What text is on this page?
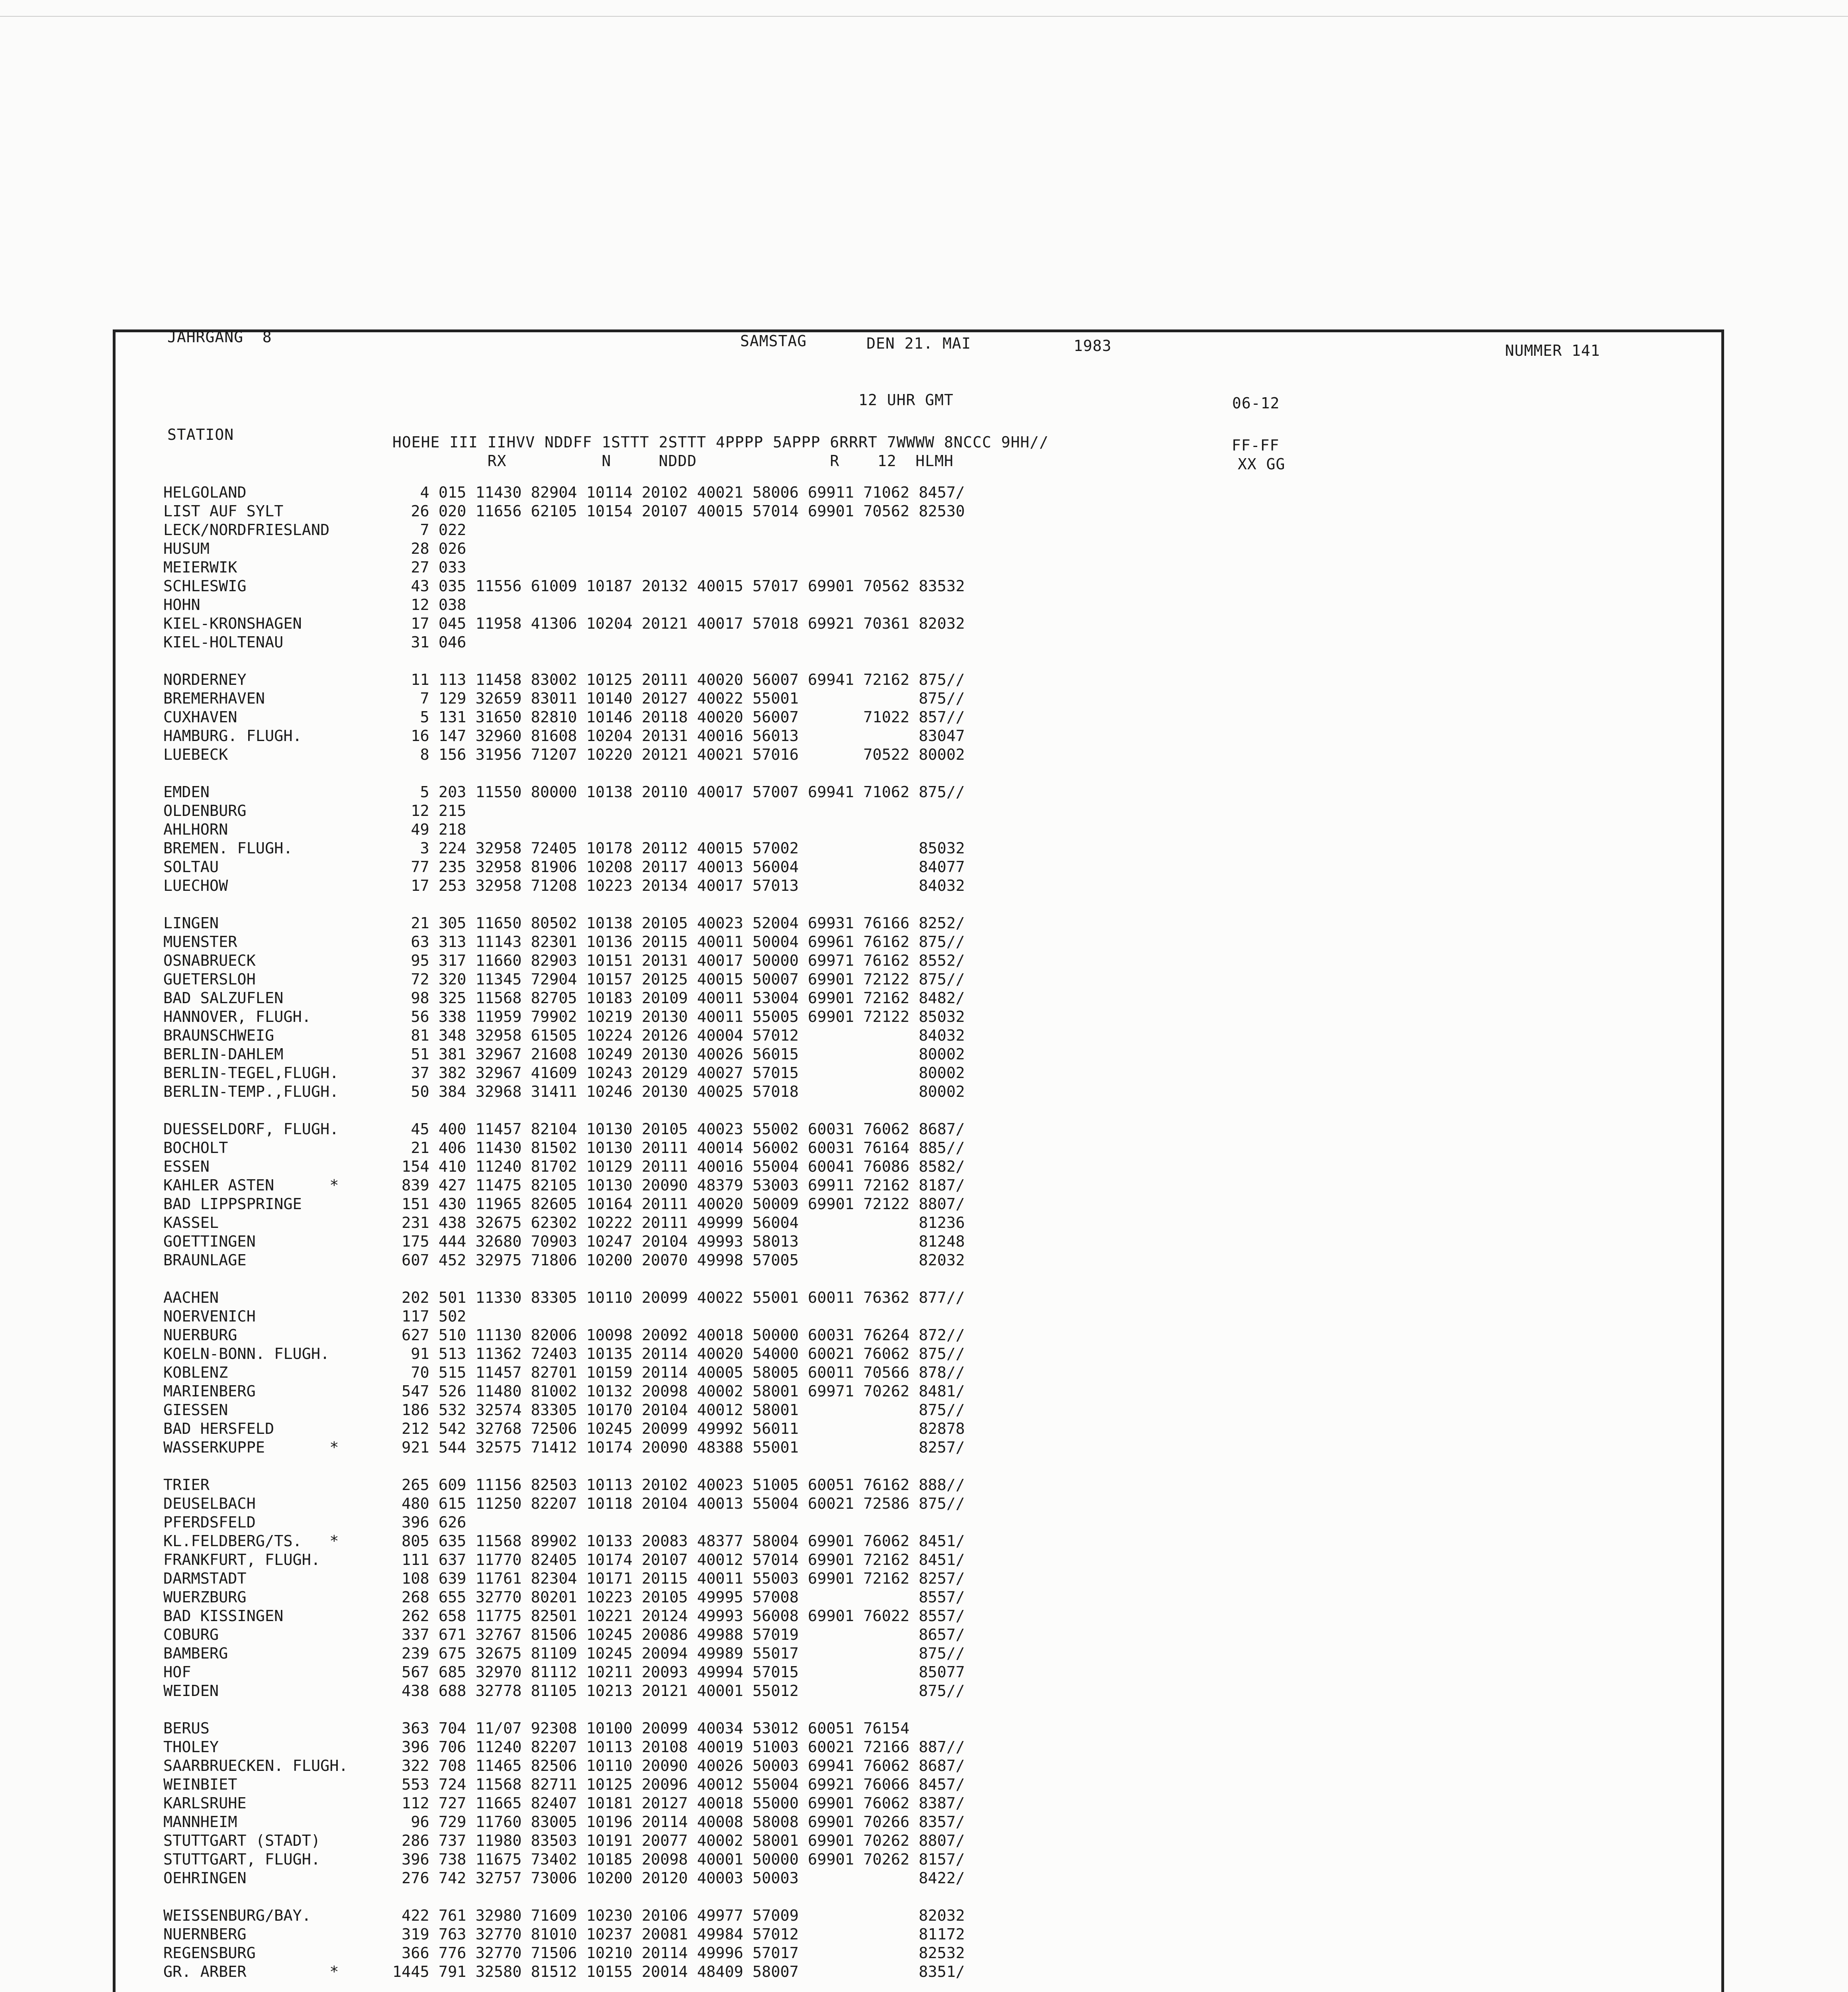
JAHRGANG  8	SAMSTAG	DEN 21. MAI	1983	NUMMER 141
12 UHR GMT	06-12
STATION	HOEHE III IIHVV NDDFF 1STTT 2STTT 4PPPP 5APPP 6RRRT 7WWWW 8NCCC 9HH//
RX          N     NDDD              R    12  HLMH
FF-FF
XX GG
HELGOLAND	4 015 11430 82904 10114 20102 40021 58006 69911 71062 8457/
LIST AUF SYLT	26 020 11656 62105 10154 20107 40015 57014 69901 70562 82530
LECK/NORDFRIESLAND	7 022
HUSUM	28 026
MEIERWIK	27 033
SCHLESWIG	43 035 11556 61009 10187 20132 40015 57017 69901 70562 83532
HOHN	12 038
KIEL-KRONSHAGEN	17 045 11958 41306 10204 20121 40017 57018 69921 70361 82032
KIEL-HOLTENAU	31 046
NORDERNEY	11 113 11458 83002 10125 20111 40020 56007 69941 72162 875//
BREMERHAVEN	7 129 32659 83011 10140 20127 40022 55001             875//
CUXHAVEN	5 131 31650 82810 10146 20118 40020 56007       71022 857//
HAMBURG. FLUGH.	16 147 32960 81608 10204 20131 40016 56013             83047
LUEBECK	8 156 31956 71207 10220 20121 40021 57016       70522 80002
EMDEN	5 203 11550 80000 10138 20110 40017 57007 69941 71062 875//
OLDENBURG	12 215
AHLHORN	49 218
BREMEN. FLUGH.	3 224 32958 72405 10178 20112 40015 57002             85032
SOLTAU	77 235 32958 81906 10208 20117 40013 56004             84077
LUECHOW	17 253 32958 71208 10223 20134 40017 57013             84032
LINGEN	21 305 11650 80502 10138 20105 40023 52004 69931 76166 8252/
MUENSTER	63 313 11143 82301 10136 20115 40011 50004 69961 76162 875//
OSNABRUECK	95 317 11660 82903 10151 20131 40017 50000 69971 76162 8552/
GUETERSLOH	72 320 11345 72904 10157 20125 40015 50007 69901 72122 875//
BAD SALZUFLEN	98 325 11568 82705 10183 20109 40011 53004 69901 72162 8482/
HANNOVER, FLUGH.	56 338 11959 79902 10219 20130 40011 55005 69901 72122 85032
BRAUNSCHWEIG	81 348 32958 61505 10224 20126 40004 57012             84032
BERLIN-DAHLEM	51 381 32967 21608 10249 20130 40026 56015             80002
BERLIN-TEGEL,FLUGH.	37 382 32967 41609 10243 20129 40027 57015             80002
BERLIN-TEMP.,FLUGH.	50 384 32968 31411 10246 20130 40025 57018             80002
DUESSELDORF, FLUGH.	45 400 11457 82104 10130 20105 40023 55002 60031 76062 8687/
BOCHOLT	21 406 11430 81502 10130 20111 40014 56002 60031 76164 885//
ESSEN	154 410 11240 81702 10129 20111 40016 55004 60041 76086 8582/
KAHLER ASTEN      *	839 427 11475 82105 10130 20090 48379 53003 69911 72162 8187/
BAD LIPPSPRINGE	151 430 11965 82605 10164 20111 40020 50009 69901 72122 8807/
KASSEL	231 438 32675 62302 10222 20111 49999 56004             81236
GOETTINGEN	175 444 32680 70903 10247 20104 49993 58013             81248
BRAUNLAGE	607 452 32975 71806 10200 20070 49998 57005             82032
AACHEN	202 501 11330 83305 10110 20099 40022 55001 60011 76362 877//
NOERVENICH	117 502
NUERBURG	627 510 11130 82006 10098 20092 40018 50000 60031 76264 872//
KOELN-BONN. FLUGH.	91 513 11362 72403 10135 20114 40020 54000 60021 76062 875//
KOBLENZ	70 515 11457 82701 10159 20114 40005 58005 60011 70566 878//
MARIENBERG	547 526 11480 81002 10132 20098 40002 58001 69971 70262 8481/
GIESSEN	186 532 32574 83305 10170 20104 40012 58001             875//
BAD HERSFELD	212 542 32768 72506 10245 20099 49992 56011             82878
WASSERKUPPE       *	921 544 32575 71412 10174 20090 48388 55001             8257/
TRIER	265 609 11156 82503 10113 20102 40023 51005 60051 76162 888//
DEUSELBACH	480 615 11250 82207 10118 20104 40013 55004 60021 72586 875//
PFERDSFELD	396 626
KL.FELDBERG/TS.   *	805 635 11568 89902 10133 20083 48377 58004 69901 76062 8451/
FRANKFURT, FLUGH.	111 637 11770 82405 10174 20107 40012 57014 69901 72162 8451/
DARMSTADT	108 639 11761 82304 10171 20115 40011 55003 69901 72162 8257/
WUERZBURG	268 655 32770 80201 10223 20105 49995 57008             8557/
BAD KISSINGEN	262 658 11775 82501 10221 20124 49993 56008 69901 76022 8557/
COBURG	337 671 32767 81506 10245 20086 49988 57019             8657/
BAMBERG	239 675 32675 81109 10245 20094 49989 55017             875//
HOF	567 685 32970 81112 10211 20093 49994 57015             85077
WEIDEN	438 688 32778 81105 10213 20121 40001 55012             875//
BERUS	363 704 11/07 92308 10100 20099 40034 53012 60051 76154
THOLEY	396 706 11240 82207 10113 20108 40019 51003 60021 72166 887//
SAARBRUECKEN. FLUGH.	322 708 11465 82506 10110 20090 40026 50003 69941 76062 8687/
WEINBIET	553 724 11568 82711 10125 20096 40012 55004 69921 76066 8457/
KARLSRUHE	112 727 11665 82407 10181 20127 40018 55000 69901 76062 8387/
MANNHEIM	96 729 11760 83005 10196 20114 40008 58008 69901 70266 8357/
STUTTGART (STADT)	286 737 11980 83503 10191 20077 40002 58001 69901 70262 8807/
STUTTGART, FLUGH.	396 738 11675 73402 10185 20098 40001 50000 69901 70262 8157/
OEHRINGEN	276 742 32757 73006 10200 20120 40003 50003             8422/
WEISSENBURG/BAY.	422 761 32980 71609 10230 20106 49977 57009             82032
NUERNBERG	319 763 32770 81010 10237 20081 49984 57012             81172
REGENSBURG	366 776 32770 71506 10210 20114 49996 57017             82532
GR. ARBER         *	1445 791 32580 81512 10155 20014 48409 58007             8351/
